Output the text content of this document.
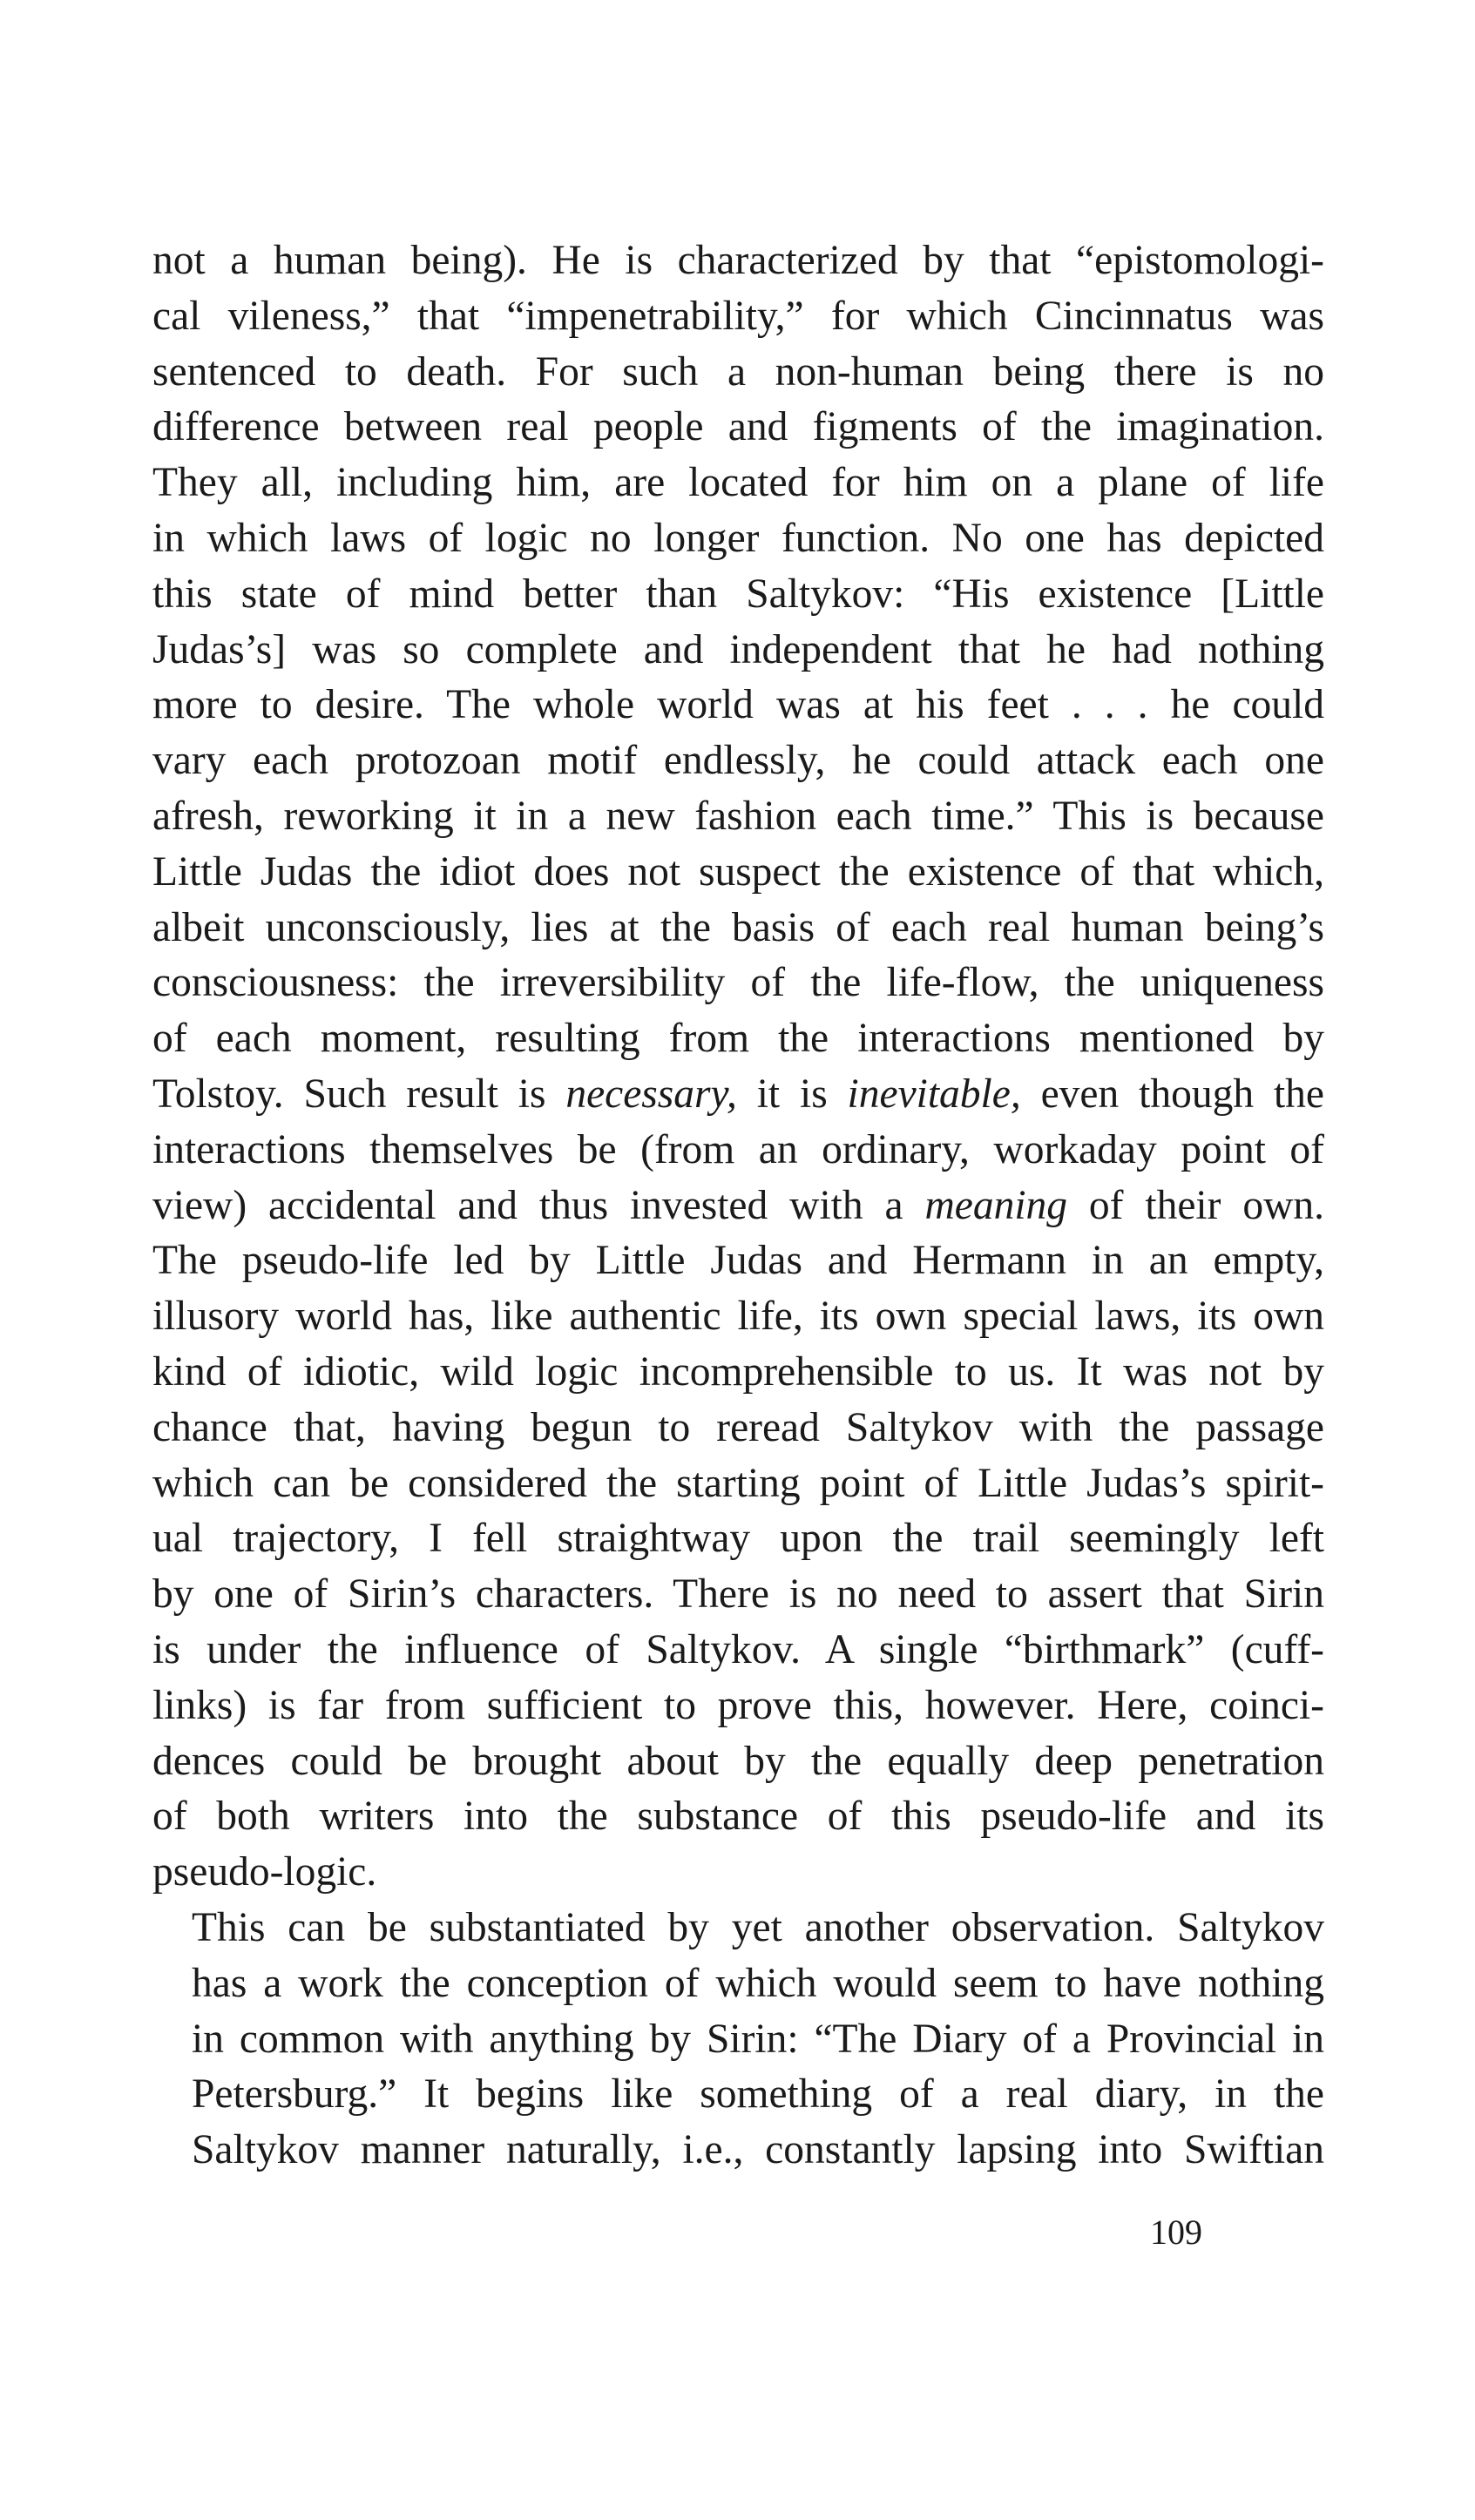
not a human being). He is characterized by that “epistomologi-
cal vileness,” that “impenetrability,” for which Cincinnatus was
sentenced to death. For such a non-human being there is no
difference between real people and figments of the imagination.
They all, including him, are located for him on a plane of life
in which laws of logic no longer function. No one has depicted
this state of mind better than Saltykov: “His existence [Little
Judas’s] was so complete and independent that he had nothing
more to desire. The whole world was at his feet . . . he could
vary each protozoan motif endlessly, he could attack each one
afresh, reworking it in a new fashion each time.” This is because
Little Judas the idiot does not suspect the existence of that which,
albeit unconsciously, lies at the basis of each real human being’s
consciousness: the irreversibility of the life-flow, the uniqueness
of each moment, resulting from the interactions mentioned by
Tolstoy. Such result is necessary, it is inevitable, even though the
interactions themselves be (from an ordinary, workaday point of
view) accidental and thus invested with a meaning of their own.
The pseudo-life led by Little Judas and Hermann in an empty,
illusory world has, like authentic life, its own special laws, its own
kind of idiotic, wild logic incomprehensible to us. It was not by
chance that, having begun to reread Saltykov with the passage
which can be considered the starting point of Little Judas’s spirit-
ual trajectory, I fell straightway upon the trail seemingly left
by one of Sirin’s characters. There is no need to assert that Sirin
is under the influence of Saltykov. A single “birthmark” (cuff-
links) is far from sufficient to prove this, however. Here, coinci-
dences could be brought about by the equally deep penetration
of both writers into the substance of this pseudo-life and its
pseudo-logic.
This can be substantiated by yet another observation. Saltykov
has a work the conception of which would seem to have nothing
in common with anything by Sirin: “The Diary of a Provincial in
Petersburg.” It begins like something of a real diary, in the
Saltykov manner naturally, i.e., constantly lapsing into Swiftian
109
